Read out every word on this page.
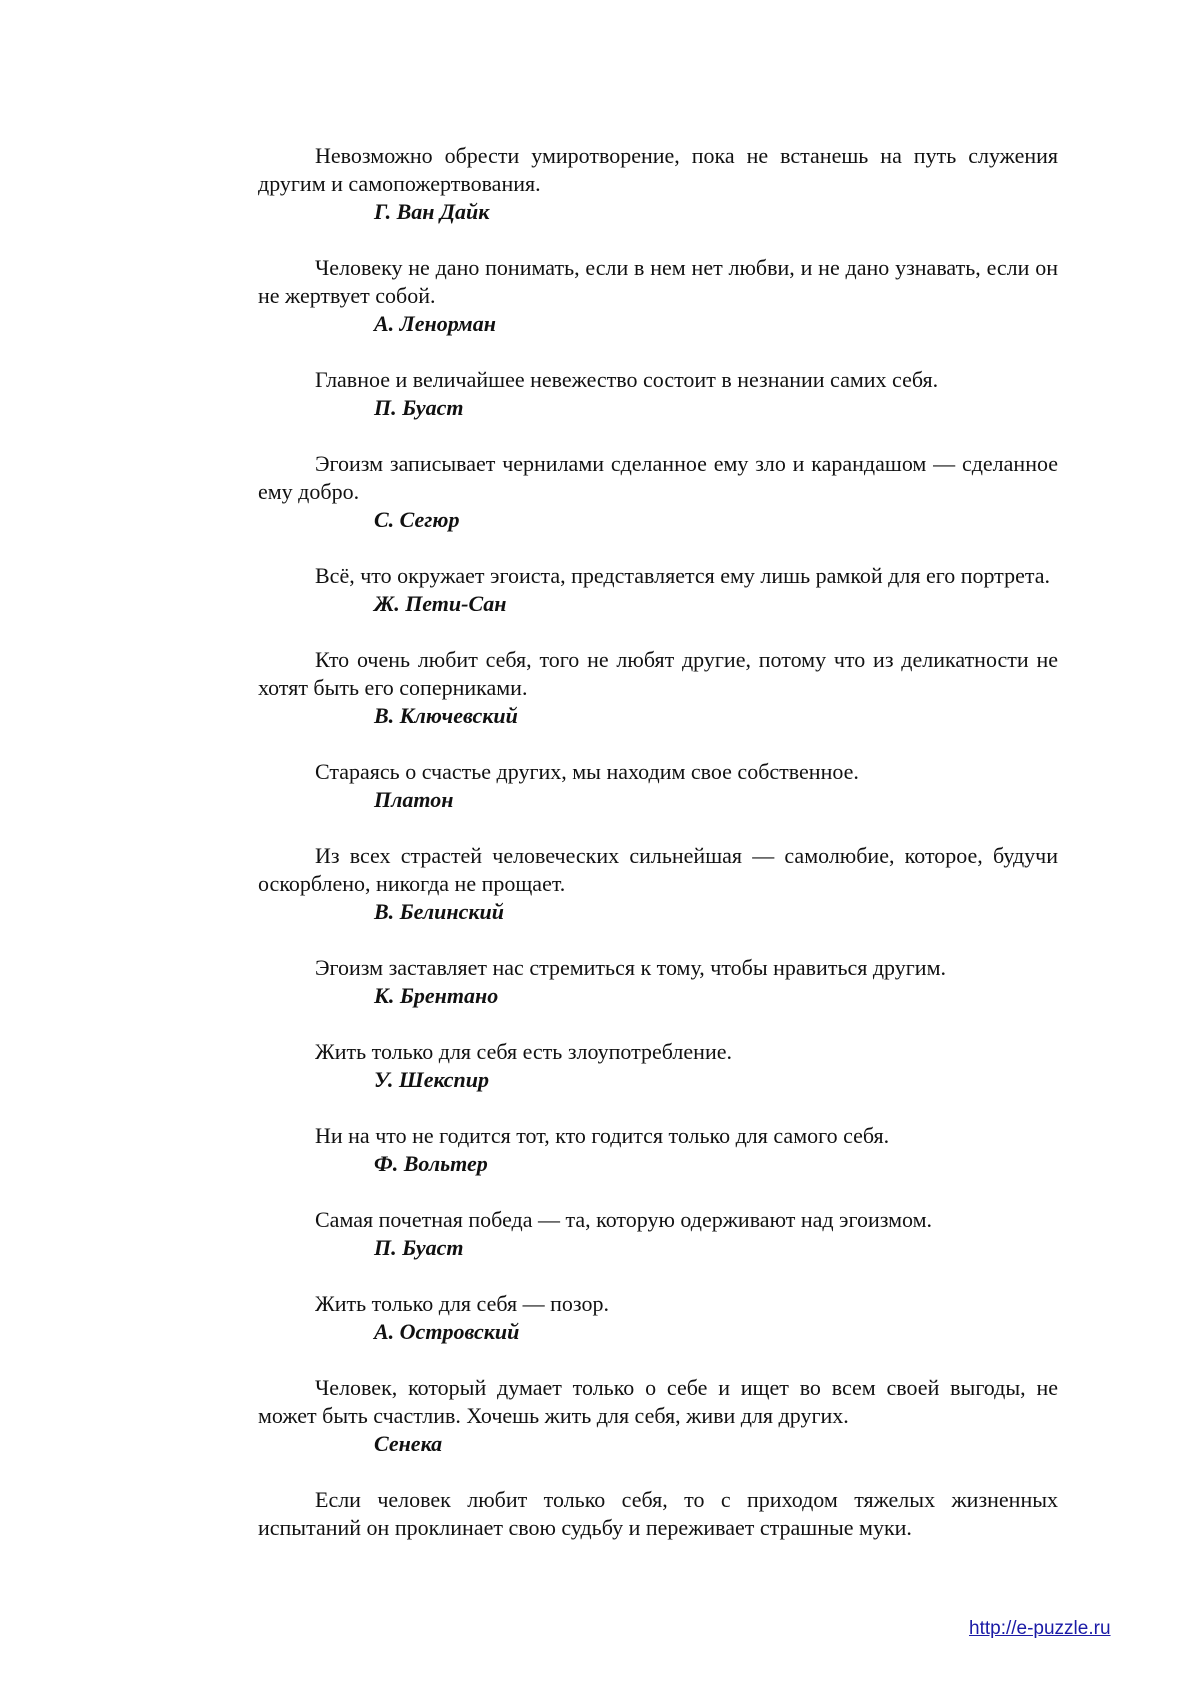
Невозможно обрести умиротворение, пока не встанешь на путь служения другим и самопожертвования.

Г. Ван Дайк

Человеку не дано понимать, если в нем нет любви, и не дано узнавать, если он не жертвует собой.

А. Ленорман

Главное и величайшее невежество состоит в незнании самих себя.

П. Буаст

Эгоизм записывает чернилами сделанное ему зло и карандашом — сделанное ему добро.

С. Сегюр

Всё, что окружает эгоиста, представляется ему лишь рамкой для его портрета.

Ж. Пети-Сан

Кто очень любит себя, того не любят другие, потому что из деликатности не хотят быть его соперниками.

В. Ключевский

Стараясь о счастье других, мы находим свое собственное.

Платон

Из всех страстей человеческих сильнейшая — самолюбие, которое, будучи оскорблено, никогда не прощает.

В. Белинский

Эгоизм заставляет нас стремиться к тому, чтобы нравиться другим.

К. Брентано

Жить только для себя есть злоупотребление.

У. Шекспир

Ни на что не годится тот, кто годится только для самого себя.

Ф. Вольтер

Самая почетная победа — та, которую одерживают над эгоизмом.

П. Буаст

Жить только для себя — позор.

А. Островский

Человек, который думает только о себе и ищет во всем своей выгоды, не может быть счастлив. Хочешь жить для себя, живи для других.

Сенека

Если человек любит только себя, то с приходом тяжелых жизненных испытаний он проклинает свою судьбу и переживает страшные муки.

http://e-puzzle.ru
